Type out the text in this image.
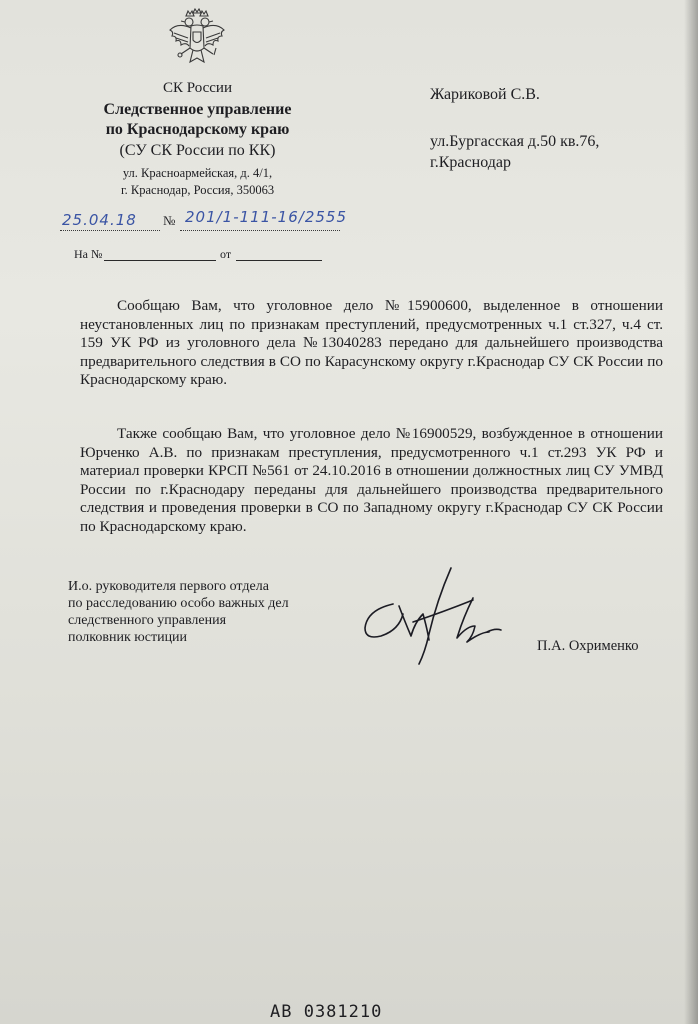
СК России
Следственное управление
по Краснодарскому краю
(СУ СК России по КК)
ул. Красноармейская, д. 4/1,
г. Краснодар, Россия, 350063
Жариковой С.В.
ул.Бургасская д.50 кв.76,
г.Краснодар
25.04.18 № 201/1-111-16/2555
На №	от
Сообщаю Вам, что уголовное дело №15900600, выделенное в отношении неустановленных лиц по признакам преступлений, предусмотренных ч.1 ст.327, ч.4 ст. 159 УК РФ из уголовного дела №13040283 передано для дальнейшего производства предварительного следствия в СО по Карасунскому округу г.Краснодар СУ СК России по Краснодарскому краю.
Также сообщаю Вам, что уголовное дело №16900529, возбужденное в отношении Юрченко А.В. по признакам преступления, предусмотренного ч.1 ст.293 УК РФ и материал проверки КРСП №561 от 24.10.2016 в отношении должностных лиц СУ УМВД России по г.Краснодару переданы для дальнейшего производства предварительного следствия и проведения проверки в СО по Западному округу г.Краснодар СУ СК России по Краснодарскому краю.
И.о. руководителя первого отдела
по расследованию особо важных дел
следственного управления
полковник юстиции
П.А. Охрименко
АВ 0381210
